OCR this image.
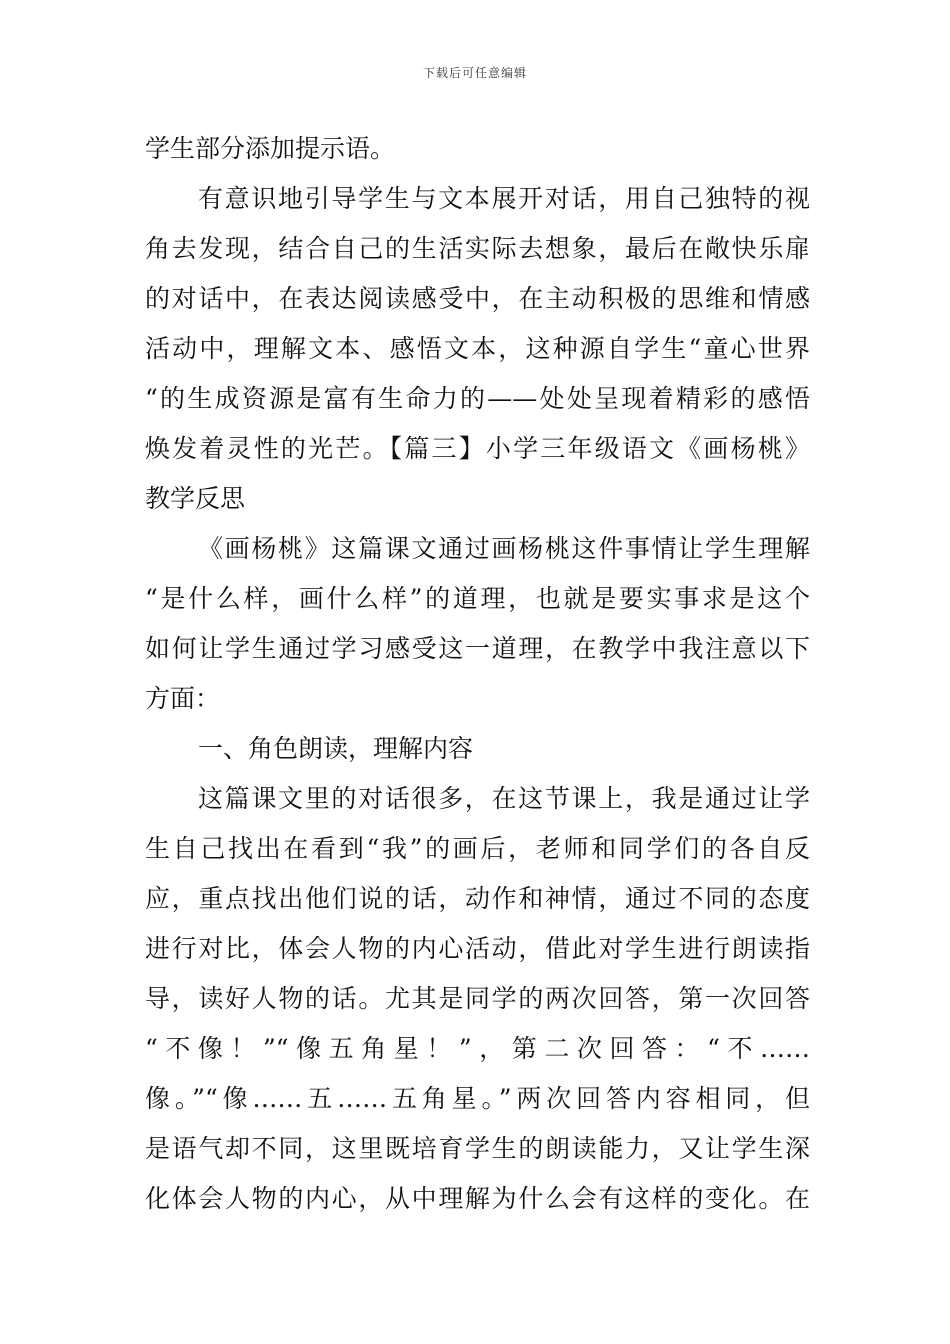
下载后可任意编辑
学生部分添加提示语。
有意识地引导学生与文本展开对话，用自己独特的视
角去发现，结合自己的生活实际去想象，最后在敞快乐扉
的对话中，在表达阅读感受中，在主动积极的思维和情感
活动中，理解文本、感悟文本，这种源自学生“童心世界
“的生成资源是富有生命力的——处处呈现着精彩的感悟
焕发着灵性的光芒。【篇三】小学三年级语文《画杨桃》
教学反思
《画杨桃》这篇课文通过画杨桃这件事情让学生理解
“是什么样，画什么样”的道理，也就是要实事求是这个
如何让学生通过学习感受这一道理，在教学中我注意以下
方面：
一、角色朗读，理解内容
这篇课文里的对话很多，在这节课上，我是通过让学
生自己找出在看到“我”的画后，老师和同学们的各自反
应，重点找出他们说的话，动作和神情，通过不同的态度
进行对比，体会人物的内心活动，借此对学生进行朗读指
导，读好人物的话。尤其是同学的两次回答，第一次回答
“不像！”“像五角星！”，第二次回答：“不……
像。”“像……五……五角星。”两次回答内容相同，但
是语气却不同，这里既培育学生的朗读能力，又让学生深
化体会人物的内心，从中理解为什么会有这样的变化。在
